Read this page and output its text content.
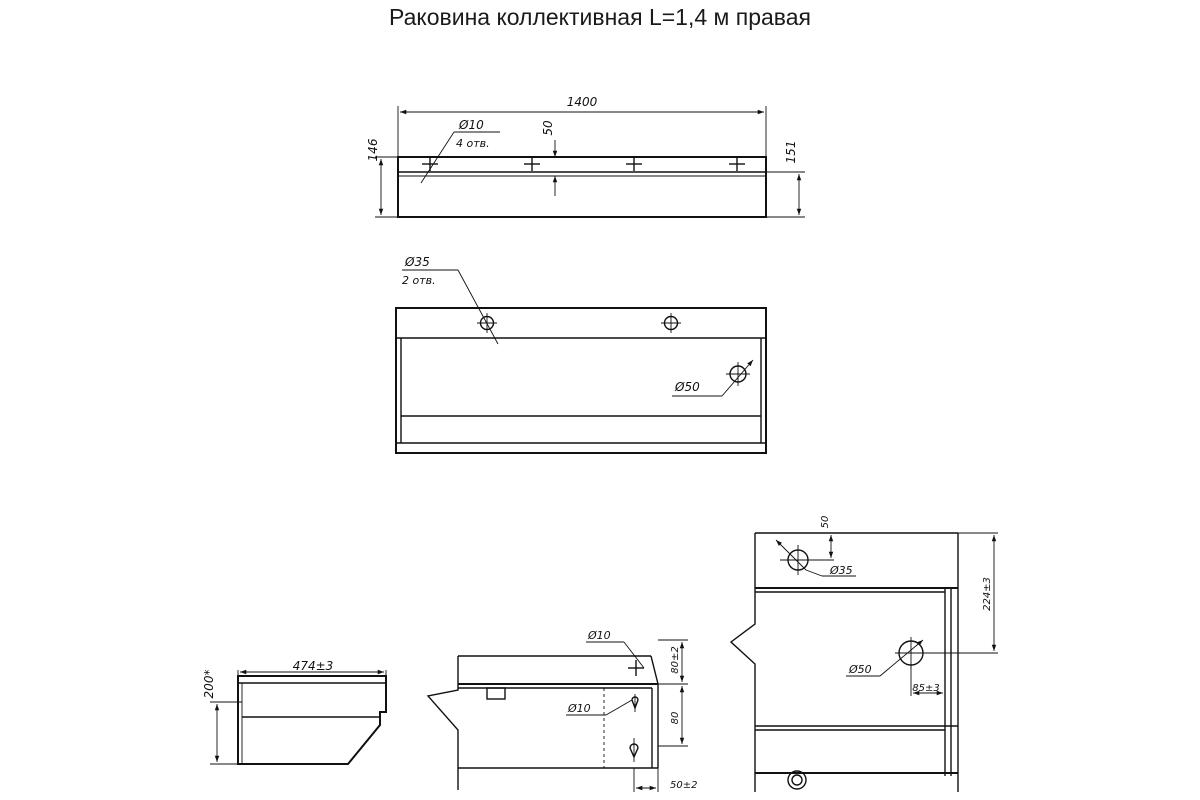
Раковина коллективная L=1,4 м правая
1400
146	151
50
Ø10
4 отв.
Ø35
2 отв.
Ø50
474±3
200*
Ø10
Ø10
80±2
80
50±2
Ø35
50
224±3
Ø50
85±3
